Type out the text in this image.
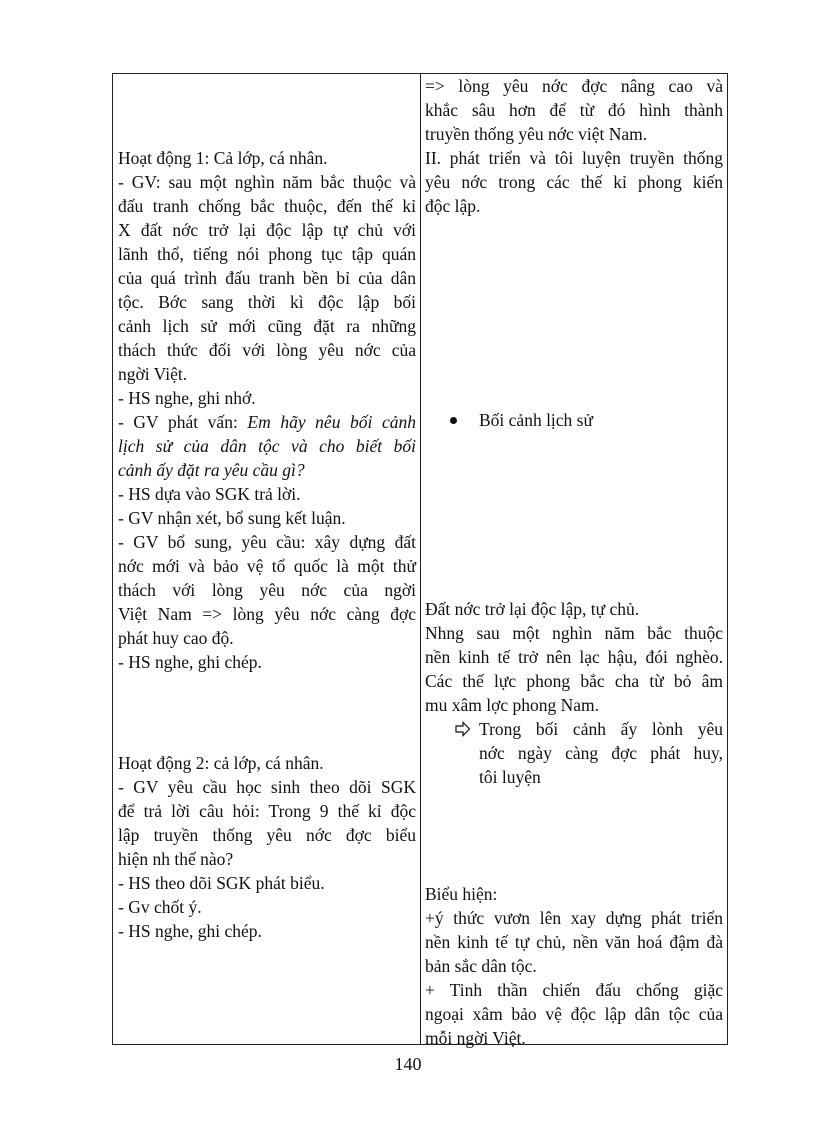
Hoạt động 1: Cả lớp, cá nhân.
- GV: sau một nghìn năm bắc thuộc và
đấu tranh chống bắc thuộc, đến thế kỉ
X đất nớc trở lại độc lập tự chủ với
lãnh thổ, tiếng nói phong tục tập quán
của quá trình đấu tranh bền bỉ của dân
tộc. Bớc sang thời kì độc lập bối
cảnh lịch sử mới cũng đặt ra những
thách thức đối với lòng yêu nớc của
ngời Việt.
- HS nghe, ghi nhớ.
- GV phát vấn: Em hãy nêu bối cảnh
lịch sử của dân tộc và cho biết bối
cảnh ấy đặt ra yêu cầu gì?
- HS dựa vào SGK trả lời.
- GV nhận xét, bổ sung kết luận.
- GV bổ sung, yêu cầu: xây dựng đất
nớc mới và bảo vệ tổ quốc là một thử
thách với lòng yêu nớc của ngời
Việt Nam => lòng yêu nớc càng đợc
phát huy cao độ.
- HS nghe, ghi chép.
Hoạt động 2: cả lớp, cá nhân.
- GV yêu cầu học sinh theo dõi SGK
để trả lời câu hỏi: Trong 9 thế kỉ độc
lập truyền thống yêu nớc đợc biểu
hiện nh thế nào?
- HS theo dõi SGK phát biểu.
- Gv chốt ý.
- HS nghe, ghi chép.
=> lòng yêu nớc đợc nâng cao và
khắc sâu hơn để từ đó hình thành
truyền thống yêu nớc việt Nam.
II. phát triển và tôi luyện truyền thống
yêu nớc trong các thế kỉ phong kiến
độc lập.
Bối cảnh lịch sử
Đất nớc trở lại độc lập, tự chủ.
Nhng sau một nghìn năm bắc thuộc
nền kinh tế trở nên lạc hậu, đói nghèo.
Các thế lực phong bắc cha từ bỏ âm
mu xâm lợc phong Nam.
Trong bối cảnh ấy lònh yêu
nớc ngày càng đợc phát huy,
tôi luyện
Biểu hiện:
+ý thức vươn lên xay dựng phát triển
nền kinh tế tự chủ, nền văn hoá đậm đà
bản sắc dân tộc.
+ Tinh thần chiến đấu chống giặc
ngoại xâm bảo vệ độc lập dân tộc của
mỗi ngời Việt.
140
